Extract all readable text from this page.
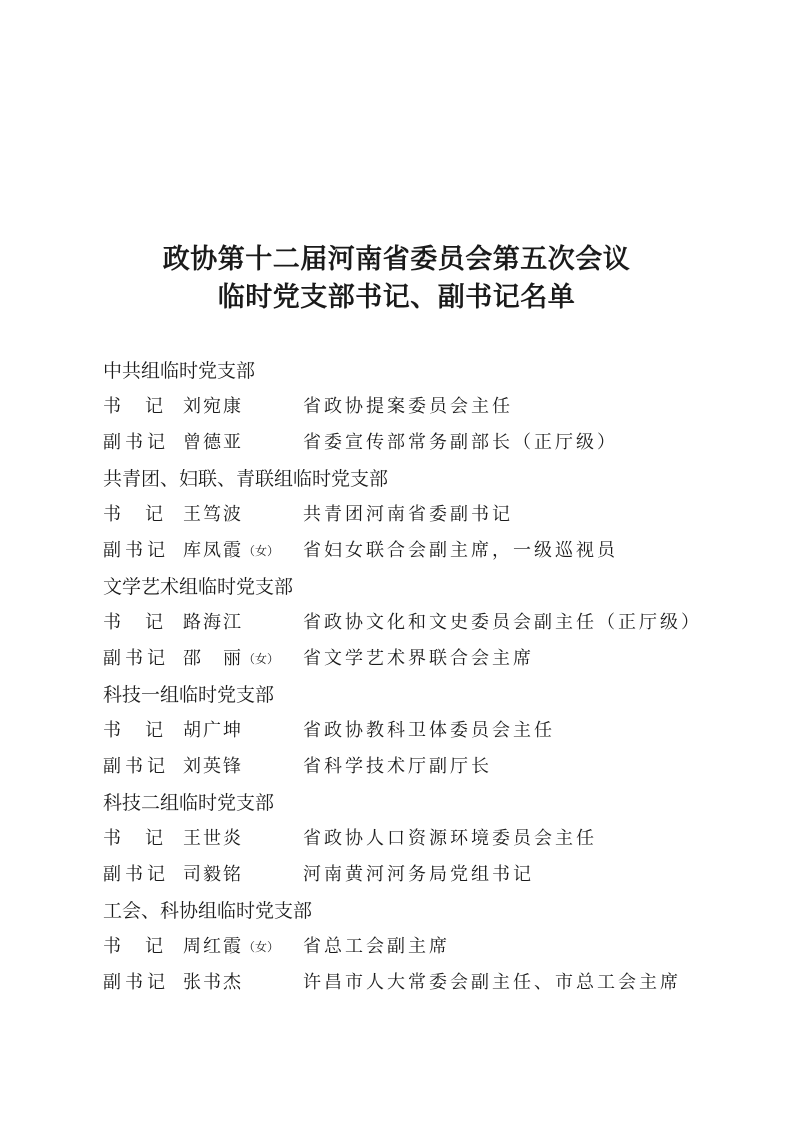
政协第十二届河南省委员会第五次会议
临时党支部书记、副书记名单
中共组临时党支部
书 记 刘宛康	省政协提案委员会主任
副书记 曾德亚	省委宣传部常务副部长（正厅级）
共青团、妇联、青联组临时党支部
书 记 王笃波	共青团河南省委副书记
副书记 库凤霞（女） 省妇女联合会副主席，一级巡视员
文学艺术组临时党支部
书 记 路海江	省政协文化和文史委员会副主任（正厅级）
副书记 邵　丽（女） 省文学艺术界联合会主席
科技一组临时党支部
书 记 胡广坤	省政协教科卫体委员会主任
副书记 刘英锋	省科学技术厅副厅长
科技二组临时党支部
书 记 王世炎	省政协人口资源环境委员会主任
副书记 司毅铭	河南黄河河务局党组书记
工会、科协组临时党支部
书 记 周红霞（女） 省总工会副主席
副书记 张书杰	许昌市人大常委会副主任、市总工会主席
